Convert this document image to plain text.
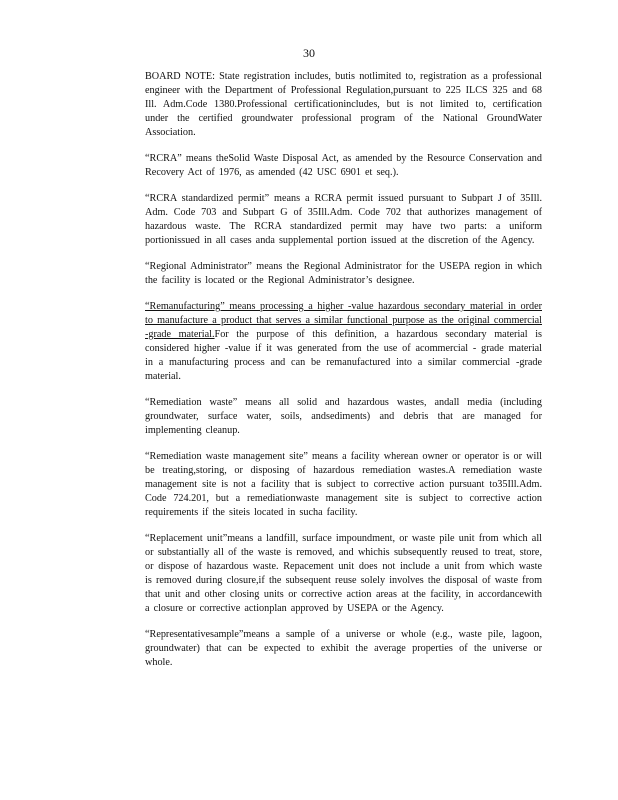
30

BOARD NOTE: State registration includes, butis notlimited to, registration as a professional engineer with the Department of Professional Regulation,pursuant to 225 ILCS 325 and 68 Ill. Adm.Code 1380.Professional certificationincludes, but is not limited to, certification under the certified groundwater professional program of the National GroundWater Association.

“RCRA” means theSolid Waste Disposal Act, as amended by the Resource Conservation and Recovery Act of 1976, as amended (42 USC 6901 et seq.).

“RCRA standardized permit” means a RCRA permit issued pursuant to Subpart J of 35Ill. Adm. Code 703 and Subpart G of 35Ill.Adm. Code 702 that authorizes management of hazardous waste. The RCRA standardized permit may have two parts: a uniform portionissued in all cases anda supplemental portion issued at the discretion of the Agency.

“Regional Administrator” means the Regional Administrator for the USEPA region in which the facility is located or the Regional Administrator’s designee.

“Remanufacturing” means processing a higher -value hazardous secondary material in order to manufacture a product that serves a similar functional purpose as the original commercial -grade material.For the purpose of this definition, a hazardous secondary material is considered higher -value if it was generated from the use of acommercial - grade material in a manufacturing process and can be remanufactured into a similar commercial -grade material.

“Remediation waste” means all solid and hazardous wastes, andall media (including groundwater, surface water, soils, andsediments) and debris that are managed for implementing cleanup.

“Remediation waste management site” means a facility wherean owner or operator is or will be treating,storing, or disposing of hazardous remediation wastes.A remediation waste management site is not a facility that is subject to corrective action pursuant to35Ill.Adm. Code 724.201, but a remediationwaste management site is subject to corrective action requirements if the siteis located in sucha facility.

“Replacement unit”means a landfill, surface impoundment, or waste pile unit from which all or substantially all of the waste is removed, and whichis subsequently reused to treat, store, or dispose of hazardous waste. Repacement unit does not include a unit from which waste is removed during closure,if the subsequent reuse solely involves the disposal of waste from that unit and other closing units or corrective action areas at the facility, in accordancewith a closure or corrective actionplan approved by USEPA or the Agency.

“Representativesample”means a sample of a universe or whole (e.g., waste pile, lagoon, groundwater) that can be expected to exhibit the average properties of the universe or whole.
